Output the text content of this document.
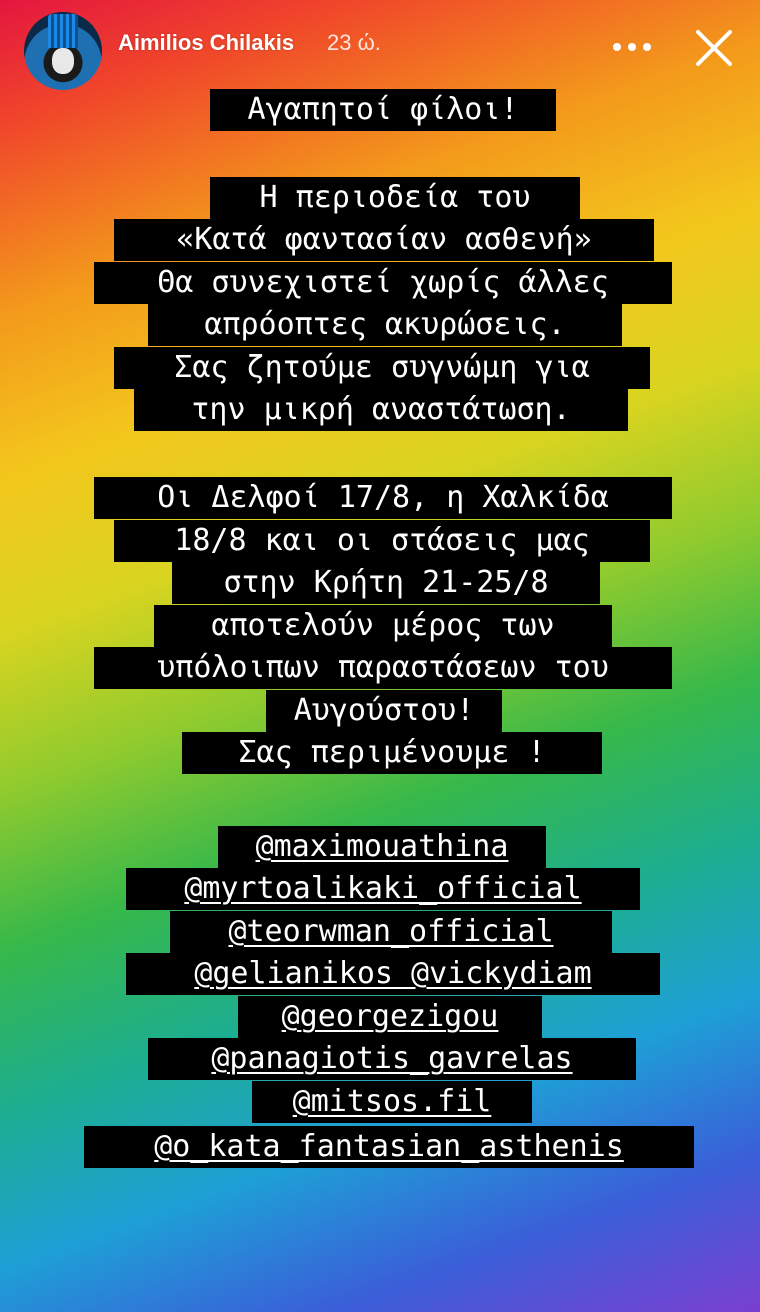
Aimilios Chilakis 23 ώ.
Αγαπητοί φίλοι!
Η περιοδεία του
«Κατά φαντασίαν ασθενή»
Θα συνεχιστεί χωρίς άλλες
απρόοπτες ακυρώσεις.
Σας ζητούμε συγνώμη για
την μικρή αναστάτωση.
Οι Δελφοί 17/8, η Χαλκίδα
18/8 και οι στάσεις μας
στην Κρήτη 21-25/8
αποτελούν μέρος των
υπόλοιπων παραστάσεων του
Αυγούστου!
Σας περιμένουμε !
@maximouathina
@myrtoalikaki_official
@teorwman_official
@gelianikos @vickydiam
@georgezigou
@panagiotis_gavrelas
@mitsos.fil
@o_kata_fantasian_asthenis
